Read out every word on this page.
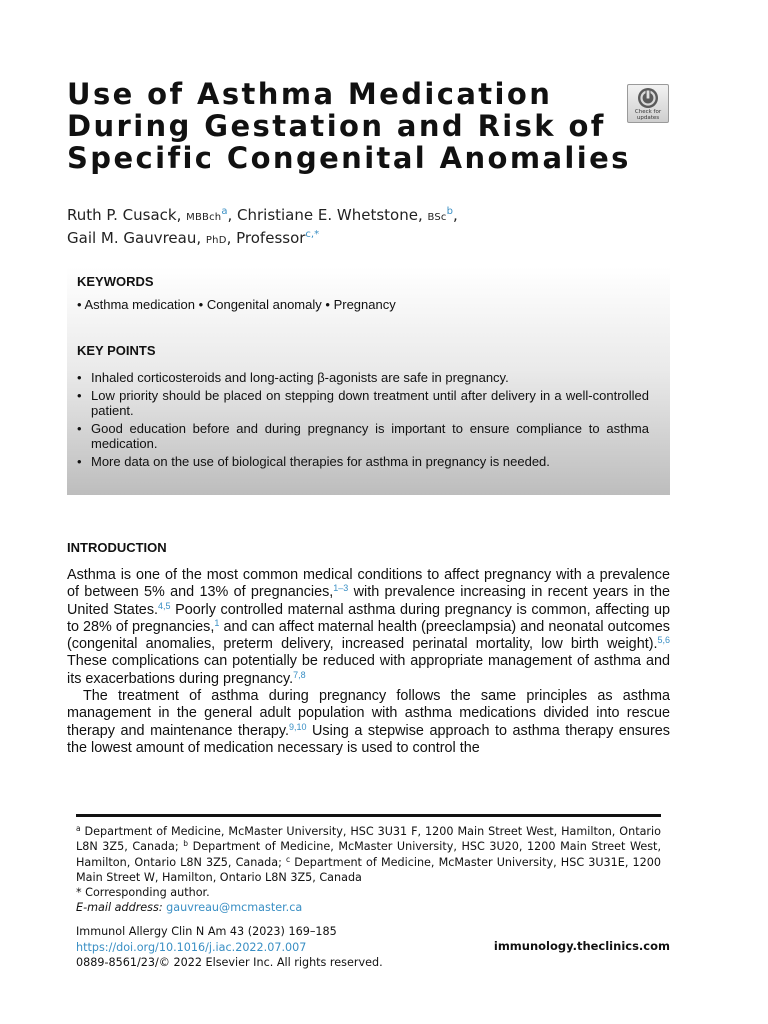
Use of Asthma Medication
During Gestation and Risk of
Specific Congenital Anomalies
Check for
updates
Ruth P. Cusack, MBBch$^a$, Christiane E. Whetstone, BSc$^b$,
Gail M. Gauvreau, PhD, Professor$^{c,*}$
KEYWORDS
• Asthma medication • Congenital anomaly • Pregnancy
KEY POINTS
• Inhaled corticosteroids and long-acting β-agonists are safe in pregnancy.
• Low priority should be placed on stepping down treatment until after delivery in a well-controlled patient.
• Good education before and during pregnancy is important to ensure compliance to asthma medication.
• More data on the use of biological therapies for asthma in pregnancy is needed.
INTRODUCTION

Asthma is one of the most common medical conditions to affect pregnancy with a prevalence of between 5% and 13% of pregnancies,$^{1-3}$ with prevalence increasing in recent years in the United States.$^{4,5}$ Poorly controlled maternal asthma during pregnancy is common, affecting up to 28% of pregnancies,$^1$ and can affect maternal health (preeclampsia) and neonatal outcomes (congenital anomalies, preterm delivery, increased perinatal mortality, low birth weight).$^{5,6}$ These complications can potentially be reduced with appropriate management of asthma and its exacerbations during pregnancy.$^{7,8}$

The treatment of asthma during pregnancy follows the same principles as asthma management in the general adult population with asthma medications divided into rescue therapy and maintenance therapy.$^{9,10}$ Using a stepwise approach to asthma therapy ensures the lowest amount of medication necessary is used to control the

$^a$ Department of Medicine, McMaster University, HSC 3U31 F, 1200 Main Street West, Hamilton, Ontario L8N 3Z5, Canada; $^b$ Department of Medicine, McMaster University, HSC 3U20, 1200 Main Street West, Hamilton, Ontario L8N 3Z5, Canada; $^c$ Department of Medicine, McMaster University, HSC 3U31E, 1200 Main Street W, Hamilton, Ontario L8N 3Z5, Canada
* Corresponding author.
E-mail address: gauvreau@mcmaster.ca
Immunol Allergy Clin N Am 43 (2023) 169–185
https://doi.org/10.1016/j.iac.2022.07.007
0889-8561/23/© 2022 Elsevier Inc. All rights reserved.
immunology.theclinics.com
